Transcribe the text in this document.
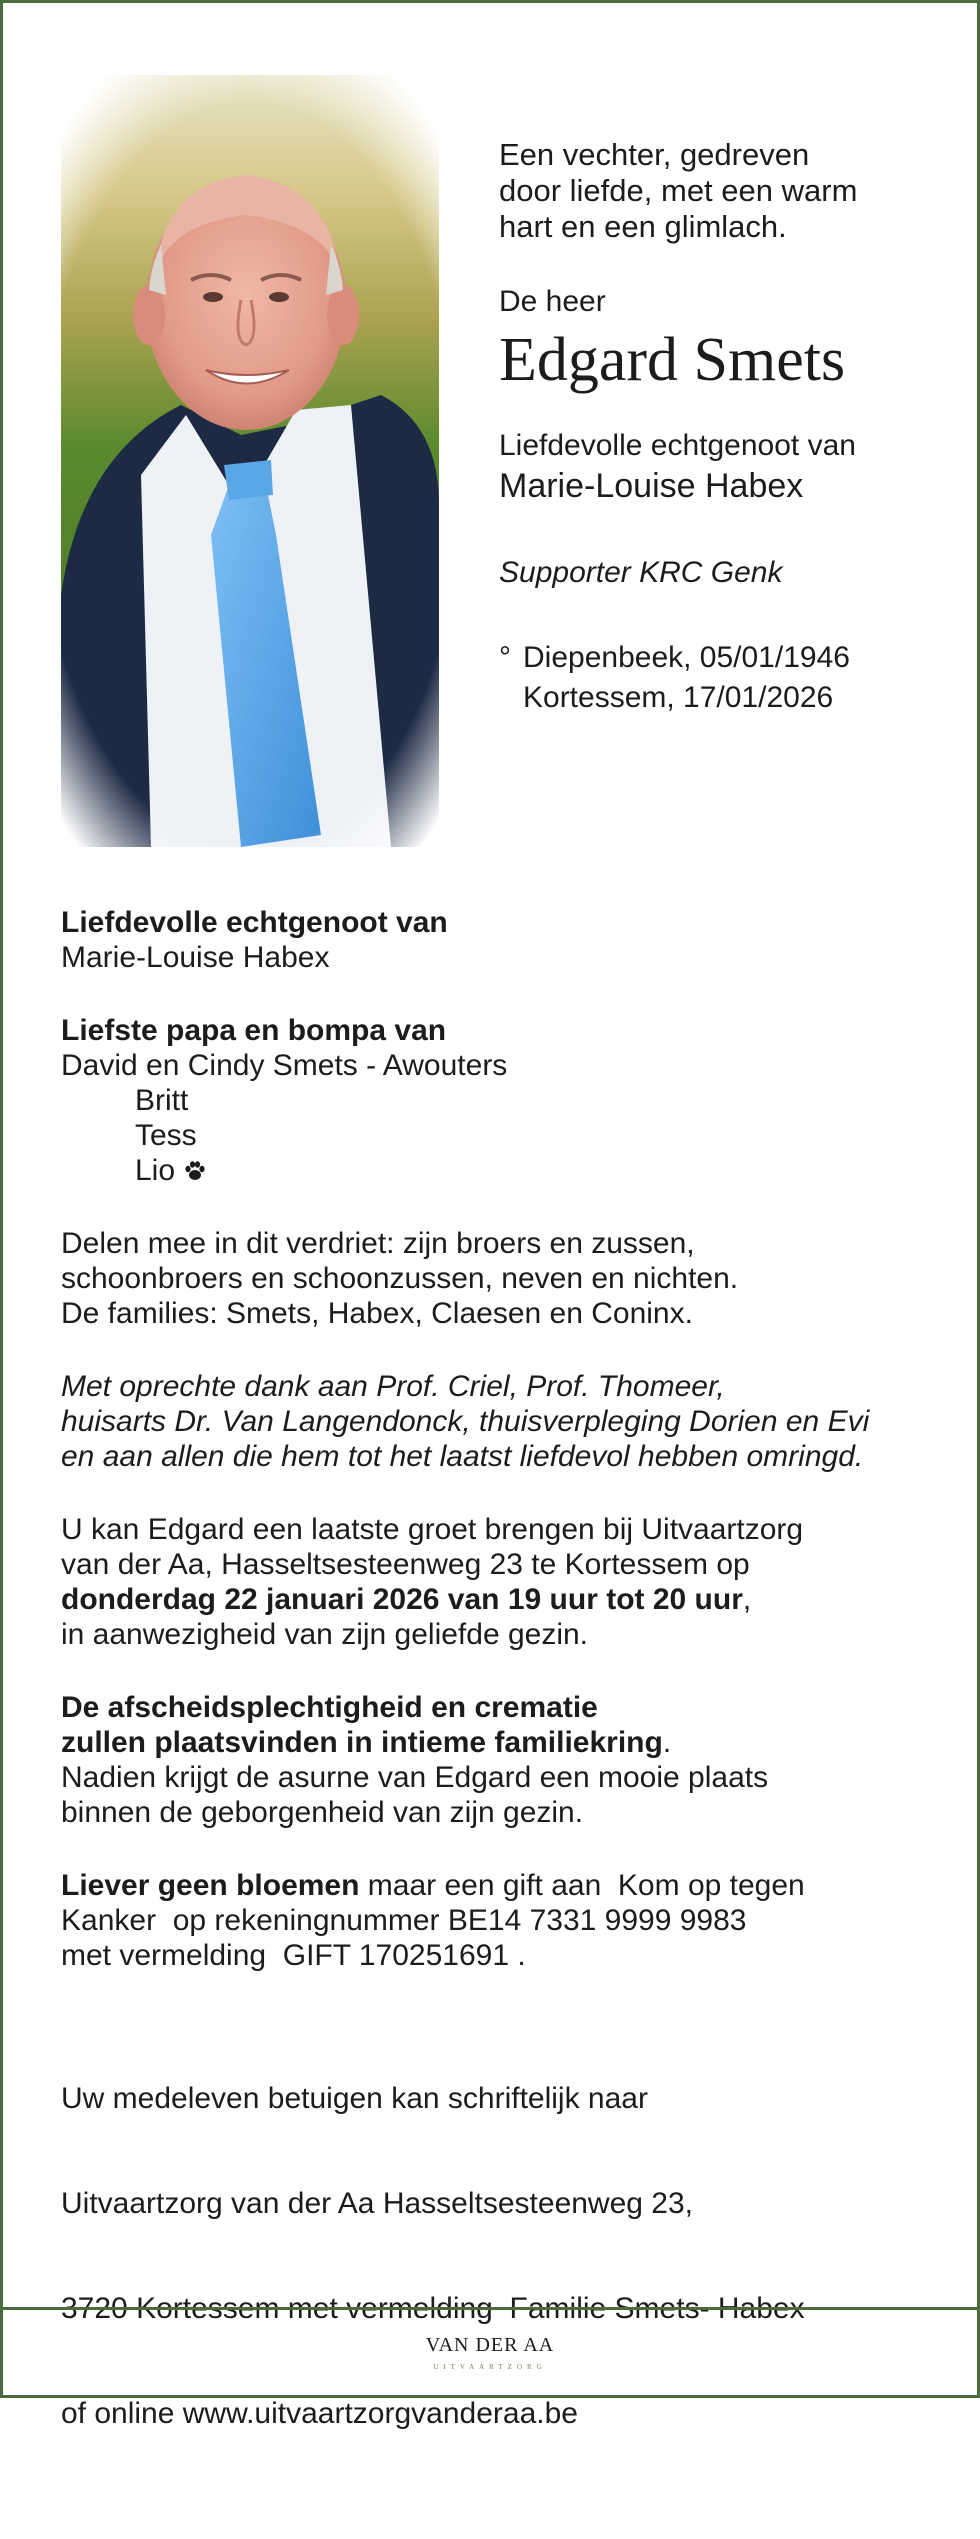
Een vechter, gedreven
door liefde, met een warm
hart en een glimlach.

De heer
Edgard Smets
Liefdevolle echtgenoot van
Marie-Louise Habex
Supporter KRC Genk
° Diepenbeek, 05/01/1946
Kortessem, 17/01/2026
Liefdevolle echtgenoot van
Marie-Louise Habex
Liefste papa en bompa van
David en Cindy Smets - Awouters
Britt
Tess
Lio
Delen mee in dit verdriet: zijn broers en zussen,
schoonbroers en schoonzussen, neven en nichten.
De families: Smets, Habex, Claesen en Coninx.
Met oprechte dank aan Prof. Criel, Prof. Thomeer,
huisarts Dr. Van Langendonck, thuisverpleging Dorien en Evi
en aan allen die hem tot het laatst liefdevol hebben omringd.
U kan Edgard een laatste groet brengen bij Uitvaartzorg
van der Aa, Hasseltsesteenweg 23 te Kortessem op
donderdag 22 januari 2026 van 19 uur tot 20 uur,
in aanwezigheid van zijn geliefde gezin.
De afscheidsplechtigheid en crematie
zullen plaatsvinden in intieme familiekring.
Nadien krijgt de asurne van Edgard een mooie plaats
binnen de geborgenheid van zijn gezin.
Liever geen bloemen maar een gift aan  Kom op tegen
Kanker  op rekeningnummer BE14 7331 9999 9983
met vermelding  GIFT 170251691 .

Uw medeleven betuigen kan schriftelijk naar

Uitvaartzorg van der Aa Hasseltsesteenweg 23,

3720 Kortessem met vermelding  Familie Smets- Habex

of online www.uitvaartzorgvanderaa.be

VAN DER AA
UITVAARTZORG
